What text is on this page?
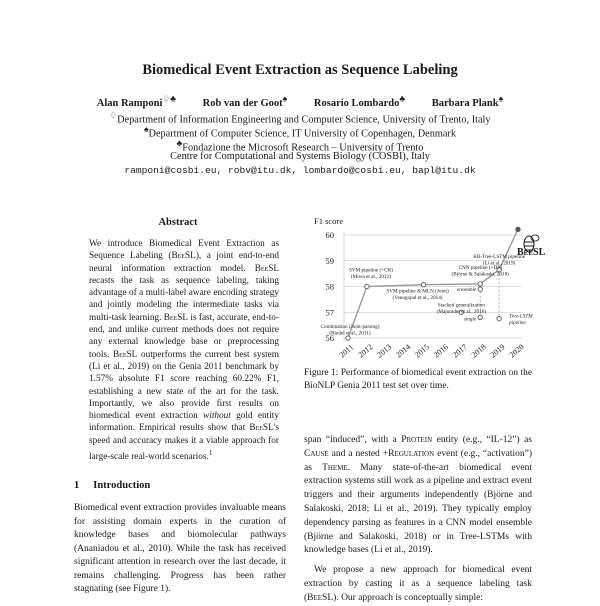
Biomedical Event Extraction as Sequence Labeling
Alan Ramponi♢♣	Rob van der Goot♠	Rosario Lombardo♣	Barbara Plank♠
♢Department of Information Engineering and Computer Science, University of Trento, Italy
♠Department of Computer Science, IT University of Copenhagen, Denmark
♣Fondazione the Microsoft Research – University of Trento
Centre for Computational and Systems Biology (COSBI), Italy
ramponi@cosbi.eu, robv@itu.dk, lombardo@cosbi.eu, bapl@itu.dk
Abstract
We introduce Biomedical Event Extraction as Sequence Labeling (BeeSL), a joint end-to-end neural information extraction model. BeeSL recasts the task as sequence labeling, taking advantage of a multi-label aware encoding strategy and jointly modeling the intermediate tasks via multi-task learning. BeeSL is fast, accurate, end-to-end, and unlike current methods does not require any external knowledge base or preprocessing tools. BeeSL outperforms the current best system (Li et al., 2019) on the Genia 2011 benchmark by 1.57% absolute F1 score reaching 60.22% F1, establishing a new state of the art for the task. Importantly, we also provide first results on biomedical event extraction without gold entity information. Empirical results show that BeeSL's speed and accuracy makes it a viable approach for large-scale real-world scenarios.$^1$
1 Introduction

Biomedical event extraction provides invaluable means for assisting domain experts in the curation of knowledge bases and biomolecular pathways (Ananiadou et al., 2010). While the task has received significant attention in research over the last decade, it remains challenging. Progress has been rather stagnating (see Figure 1).

F1 score
56
57
58
59
60
2011 2012 2013 2014 2015 2016 2017 2018 2019 2020
Combination (Joint-parsing)
(Riedel et al., 2011)
SVM pipeline (+CR)
(Miwa et al., 2012)
SVM pipeline & MLN (Joint)
(Venugopal et al., 2014)
Stacked generalization
(Majumder et al., 2016)
CNN pipeline (+DP)
(Björne & Salakoski, 2018)
ensemble
single
KB-Tree-LSTM pipeline
(Li et al., 2019)
Tree-LSTM
pipeline
BeeSL
Figure 1: Performance of biomedical event extraction on the BioNLP Genia 2011 test set over time.

span “induced”, with a Protein entity (e.g., “IL-12”) as Cause and a nested +Regulation event (e.g., “activation”) as Theme. Many state-of-the-art biomedical event extraction systems still work as a pipeline and extract event triggers and their arguments independently (Björne and Salakoski, 2018; Li et al., 2019). They typically employ dependency parsing as features in a CNN model ensemble (Björne and Salakoski, 2018) or in Tree-LSTMs with knowledge bases (Li et al., 2019).

We propose a new approach for biomedical event extraction by casting it as a sequence labeling task (BeeSL). Our approach is conceptually simple:
